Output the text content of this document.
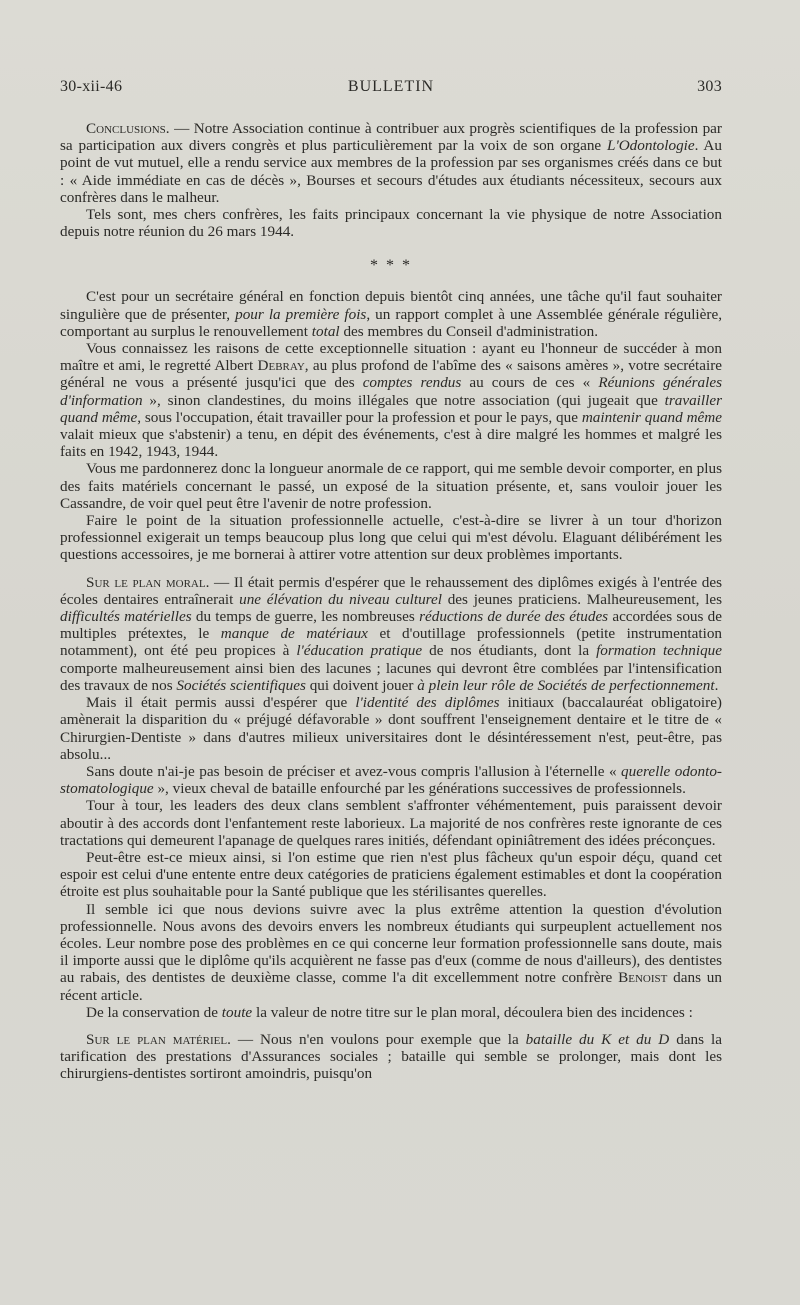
30-xii-46	BULLETIN	303

Conclusions. — Notre Association continue à contribuer aux progrès scientifiques de la profession par sa participation aux divers congrès et plus particulièrement par la voix de son organe L'Odontologie. Au point de vut mutuel, elle a rendu service aux membres de la profession par ses organismes créés dans ce but : « Aide immédiate en cas de décès », Bourses et secours d'études aux étudiants nécessiteux, secours aux confrères dans le malheur.

Tels sont, mes chers confrères, les faits principaux concernant la vie physique de notre Association depuis notre réunion du 26 mars 1944.

* * *

C'est pour un secrétaire général en fonction depuis bientôt cinq années, une tâche qu'il faut souhaiter singulière que de présenter, pour la première fois, un rapport complet à une Assemblée générale régulière, comportant au surplus le renouvellement total des membres du Conseil d'administration.

Vous connaissez les raisons de cette exceptionnelle situation : ayant eu l'honneur de succéder à mon maître et ami, le regretté Albert Debray, au plus profond de l'abîme des « saisons amères », votre secrétaire général ne vous a présenté jusqu'ici que des comptes rendus au cours de ces « Réunions générales d'information », sinon clandestines, du moins illégales que notre association (qui jugeait que travailler quand même, sous l'occupation, était travailler pour la profession et pour le pays, que maintenir quand même valait mieux que s'abstenir) a tenu, en dépit des événements, c'est à dire malgré les hommes et malgré les faits en 1942, 1943, 1944.

Vous me pardonnerez donc la longueur anormale de ce rapport, qui me semble devoir comporter, en plus des faits matériels concernant le passé, un exposé de la situation présente, et, sans vouloir jouer les Cassandre, de voir quel peut être l'avenir de notre profession.

Faire le point de la situation professionnelle actuelle, c'est-à-dire se livrer à un tour d'horizon professionnel exigerait un temps beaucoup plus long que celui qui m'est dévolu. Elaguant délibérément les questions accessoires, je me bornerai à attirer votre attention sur deux problèmes importants.

Sur le plan moral. — Il était permis d'espérer que le rehaussement des diplômes exigés à l'entrée des écoles dentaires entraînerait une élévation du niveau culturel des jeunes praticiens. Malheureusement, les difficultés matérielles du temps de guerre, les nombreuses réductions de durée des études accordées sous de multiples prétextes, le manque de matériaux et d'outillage professionnels (petite instrumentation notamment), ont été peu propices à l'éducation pratique de nos étudiants, dont la formation technique comporte malheureusement ainsi bien des lacunes ; lacunes qui devront être comblées par l'intensification des travaux de nos Sociétés scientifiques qui doivent jouer à plein leur rôle de Sociétés de perfectionnement.

Mais il était permis aussi d'espérer que l'identité des diplômes initiaux (baccalauréat obligatoire) amènerait la disparition du « préjugé défavorable » dont souffrent l'enseignement dentaire et le titre de « Chirurgien-Dentiste » dans d'autres milieux universitaires dont le désintéressement n'est, peut-être, pas absolu...

Sans doute n'ai-je pas besoin de préciser et avez-vous compris l'allusion à l'éternelle « querelle odonto-stomatologique », vieux cheval de bataille enfourché par les générations successives de professionnels.

Tour à tour, les leaders des deux clans semblent s'affronter véhémentement, puis paraissent devoir aboutir à des accords dont l'enfantement reste laborieux. La majorité de nos confrères reste ignorante de ces tractations qui demeurent l'apanage de quelques rares initiés, défendant opiniâtrement des idées préconçues.

Peut-être est-ce mieux ainsi, si l'on estime que rien n'est plus fâcheux qu'un espoir déçu, quand cet espoir est celui d'une entente entre deux catégories de praticiens également estimables et dont la coopération étroite est plus souhaitable pour la Santé publique que les stérilisantes querelles.

Il semble ici que nous devions suivre avec la plus extrême attention la question d'évolution professionnelle. Nous avons des devoirs envers les nombreux étudiants qui surpeuplent actuellement nos écoles. Leur nombre pose des problèmes en ce qui concerne leur formation professionnelle sans doute, mais il importe aussi que le diplôme qu'ils acquièrent ne fasse pas d'eux (comme de nous d'ailleurs), des dentistes au rabais, des dentistes de deuxième classe, comme l'a dit excellemment notre confrère Benoist dans un récent article.

De la conservation de toute la valeur de notre titre sur le plan moral, découlera bien des incidences :

Sur le plan matériel. — Nous n'en voulons pour exemple que la bataille du K et du D dans la tarification des prestations d'Assurances sociales ; bataille qui semble se prolonger, mais dont les chirurgiens-dentistes sortiront amoindris, puisqu'on
